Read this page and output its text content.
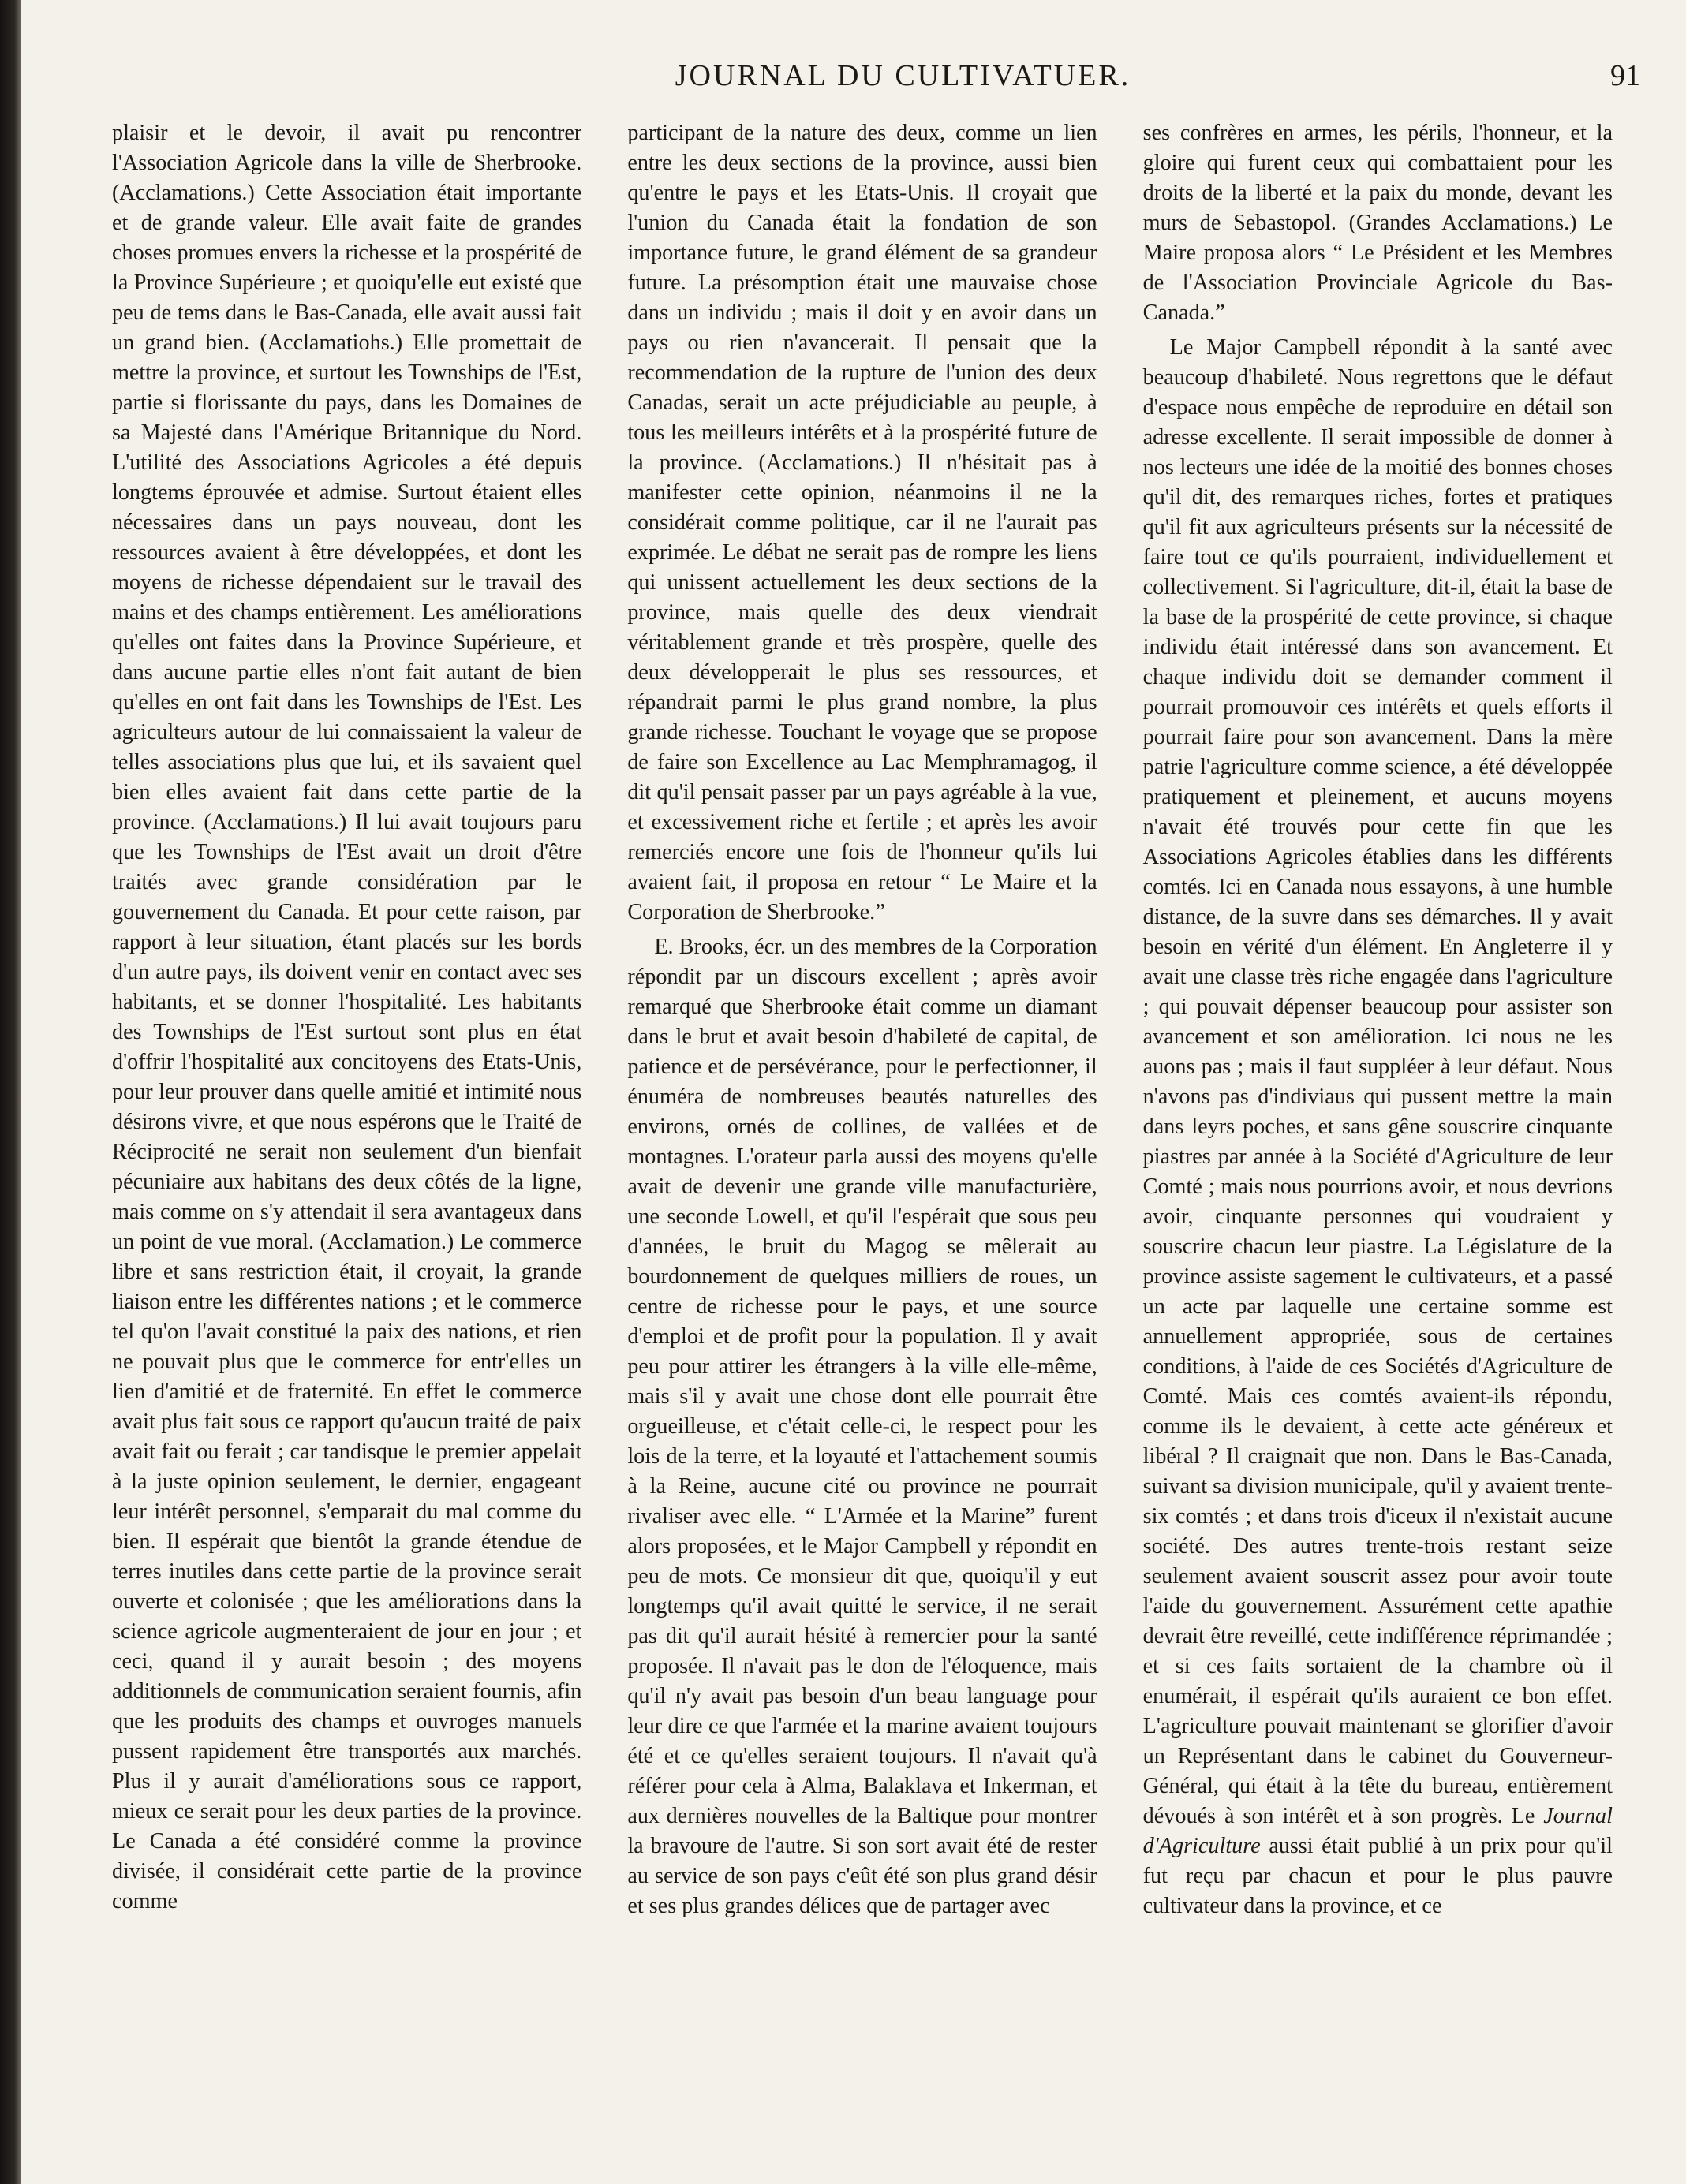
JOURNAL DU CULTIVATUER.	91

plaisir et le devoir, il avait pu rencontrer l'Association Agricole dans la ville de Sherbrooke. (Acclamations.) Cette Association était importante et de grande valeur. Elle avait faite de grandes choses promues envers la richesse et la prospérité de la Province Supérieure ; et quoiqu'elle eut existé que peu de tems dans le Bas-Canada, elle avait aussi fait un grand bien. (Acclamatiohs.) Elle promettait de mettre la province, et surtout les Townships de l'Est, partie si florissante du pays, dans les Domaines de sa Majesté dans l'Amérique Britannique du Nord. L'utilité des Associations Agricoles a été depuis longtems éprouvée et admise. Surtout étaient elles nécessaires dans un pays nouveau, dont les ressources avaient à être développées, et dont les moyens de richesse dépendaient sur le travail des mains et des champs entièrement. Les améliorations qu'elles ont faites dans la Province Supérieure, et dans aucune partie elles n'ont fait autant de bien qu'elles en ont fait dans les Townships de l'Est. Les agriculteurs autour de lui connaissaient la valeur de telles associations plus que lui, et ils savaient quel bien elles avaient fait dans cette partie de la province. (Acclamations.) Il lui avait toujours paru que les Townships de l'Est avait un droit d'être traités avec grande considération par le gouvernement du Canada. Et pour cette raison, par rapport à leur situation, étant placés sur les bords d'un autre pays, ils doivent venir en contact avec ses habitants, et se donner l'hospitalité. Les habitants des Townships de l'Est surtout sont plus en état d'offrir l'hospitalité aux concitoyens des Etats-Unis, pour leur prouver dans quelle amitié et intimité nous désirons vivre, et que nous espérons que le Traité de Réciprocité ne serait non seulement d'un bienfait pécuniaire aux habitans des deux côtés de la ligne, mais comme on s'y attendait il sera avantageux dans un point de vue moral. (Acclamation.) Le commerce libre et sans restriction était, il croyait, la grande liaison entre les différentes nations ; et le commerce tel qu'on l'avait constitué la paix des nations, et rien ne pouvait plus que le commerce for entr'elles un lien d'amitié et de fraternité. En effet le commerce avait plus fait sous ce rapport qu'aucun traité de paix avait fait ou ferait ; car tandisque le premier appelait à la juste opinion seulement, le dernier, engageant leur intérêt personnel, s'emparait du mal comme du bien. Il espérait que bientôt la grande étendue de terres inutiles dans cette partie de la province serait ouverte et colonisée ; que les améliorations dans la science agricole augmenteraient de jour en jour ; et ceci, quand il y aurait besoin ; des moyens additionnels de communication seraient fournis, afin que les produits des champs et ouvroges manuels pussent rapidement être transportés aux marchés. Plus il y aurait d'améliorations sous ce rapport, mieux ce serait pour les deux parties de la province. Le Canada a été considéré comme la province divisée, il considérait cette partie de la province comme

participant de la nature des deux, comme un lien entre les deux sections de la province, aussi bien qu'entre le pays et les Etats-Unis. Il croyait que l'union du Canada était la fondation de son importance future, le grand élément de sa grandeur future. La présomption était une mauvaise chose dans un individu ; mais il doit y en avoir dans un pays ou rien n'avancerait. Il pensait que la recommendation de la rupture de l'union des deux Canadas, serait un acte préjudiciable au peuple, à tous les meilleurs intérêts et à la prospérité future de la province. (Acclamations.) Il n'hésitait pas à manifester cette opinion, néanmoins il ne la considérait comme politique, car il ne l'aurait pas exprimée. Le débat ne serait pas de rompre les liens qui unissent actuellement les deux sections de la province, mais quelle des deux viendrait véritablement grande et très prospère, quelle des deux développerait le plus ses ressources, et répandrait parmi le plus grand nombre, la plus grande richesse. Touchant le voyage que se propose de faire son Excellence au Lac Memphramagog, il dit qu'il pensait passer par un pays agréable à la vue, et excessivement riche et fertile ; et après les avoir remerciés encore une fois de l'honneur qu'ils lui avaient fait, il proposa en retour “ Le Maire et la Corporation de Sherbrooke.”

E. Brooks, écr. un des membres de la Corporation répondit par un discours excellent ; après avoir remarqué que Sherbrooke était comme un diamant dans le brut et avait besoin d'habileté de capital, de patience et de persévérance, pour le perfectionner, il énuméra de nombreuses beautés naturelles des environs, ornés de collines, de vallées et de montagnes. L'orateur parla aussi des moyens qu'elle avait de devenir une grande ville manufacturière, une seconde Lowell, et qu'il l'espérait que sous peu d'années, le bruit du Magog se mêlerait au bourdonnement de quelques milliers de roues, un centre de richesse pour le pays, et une source d'emploi et de profit pour la population. Il y avait peu pour attirer les étrangers à la ville elle-même, mais s'il y avait une chose dont elle pourrait être orgueilleuse, et c'était celle-ci, le respect pour les lois de la terre, et la loyauté et l'attachement soumis à la Reine, aucune cité ou province ne pourrait rivaliser avec elle. “ L'Armée et la Marine” furent alors proposées, et le Major Campbell y répondit en peu de mots. Ce monsieur dit que, quoiqu'il y eut longtemps qu'il avait quitté le service, il ne serait pas dit qu'il aurait hésité à remercier pour la santé proposée. Il n'avait pas le don de l'éloquence, mais qu'il n'y avait pas besoin d'un beau language pour leur dire ce que l'armée et la marine avaient toujours été et ce qu'elles seraient toujours. Il n'avait qu'à référer pour cela à Alma, Balaklava et Inkerman, et aux dernières nouvelles de la Baltique pour montrer la bravoure de l'autre. Si son sort avait été de rester au service de son pays c'eût été son plus grand désir et ses plus grandes délices que de partager avec

ses confrères en armes, les périls, l'honneur, et la gloire qui furent ceux qui combattaient pour les droits de la liberté et la paix du monde, devant les murs de Sebastopol. (Grandes Acclamations.) Le Maire proposa alors “ Le Président et les Membres de l'Association Provinciale Agricole du Bas-Canada.”

Le Major Campbell répondit à la santé avec beaucoup d'habileté. Nous regrettons que le défaut d'espace nous empêche de reproduire en détail son adresse excellente. Il serait impossible de donner à nos lecteurs une idée de la moitié des bonnes choses qu'il dit, des remarques riches, fortes et pratiques qu'il fit aux agriculteurs présents sur la nécessité de faire tout ce qu'ils pourraient, individuellement et collectivement. Si l'agriculture, dit-il, était la base de la base de la prospérité de cette province, si chaque individu était intéressé dans son avancement. Et chaque individu doit se demander comment il pourrait promouvoir ces intérêts et quels efforts il pourrait faire pour son avancement. Dans la mère patrie l'agriculture comme science, a été développée pratiquement et pleinement, et aucuns moyens n'avait été trouvés pour cette fin que les Associations Agricoles établies dans les différents comtés. Ici en Canada nous essayons, à une humble distance, de la suvre dans ses démarches. Il y avait besoin en vérité d'un élément. En Angleterre il y avait une classe très riche engagée dans l'agriculture ; qui pouvait dépenser beaucoup pour assister son avancement et son amélioration. Ici nous ne les auons pas ; mais il faut suppléer à leur défaut. Nous n'avons pas d'indiviaus qui pussent mettre la main dans leyrs poches, et sans gêne souscrire cinquante piastres par année à la Société d'Agriculture de leur Comté ; mais nous pourrions avoir, et nous devrions avoir, cinquante personnes qui voudraient y souscrire chacun leur piastre. La Législature de la province assiste sagement le cultivateurs, et a passé un acte par laquelle une certaine somme est annuellement appropriée, sous de certaines conditions, à l'aide de ces Sociétés d'Agriculture de Comté. Mais ces comtés avaient-ils répondu, comme ils le devaient, à cette acte généreux et libéral ? Il craignait que non. Dans le Bas-Canada, suivant sa division municipale, qu'il y avaient trente-six comtés ; et dans trois d'iceux il n'existait aucune société. Des autres trente-trois restant seize seulement avaient souscrit assez pour avoir toute l'aide du gouvernement. Assurément cette apathie devrait être reveillé, cette indifférence réprimandée ; et si ces faits sortaient de la chambre où il enumérait, il espérait qu'ils auraient ce bon effet. L'agriculture pouvait maintenant se glorifier d'avoir un Représentant dans le cabinet du Gouverneur-Général, qui était à la tête du bureau, entièrement dévoués à son intérêt et à son progrès. Le Journal d'Agriculture aussi était publié à un prix pour qu'il fut reçu par chacun et pour le plus pauvre cultivateur dans la province, et ce
